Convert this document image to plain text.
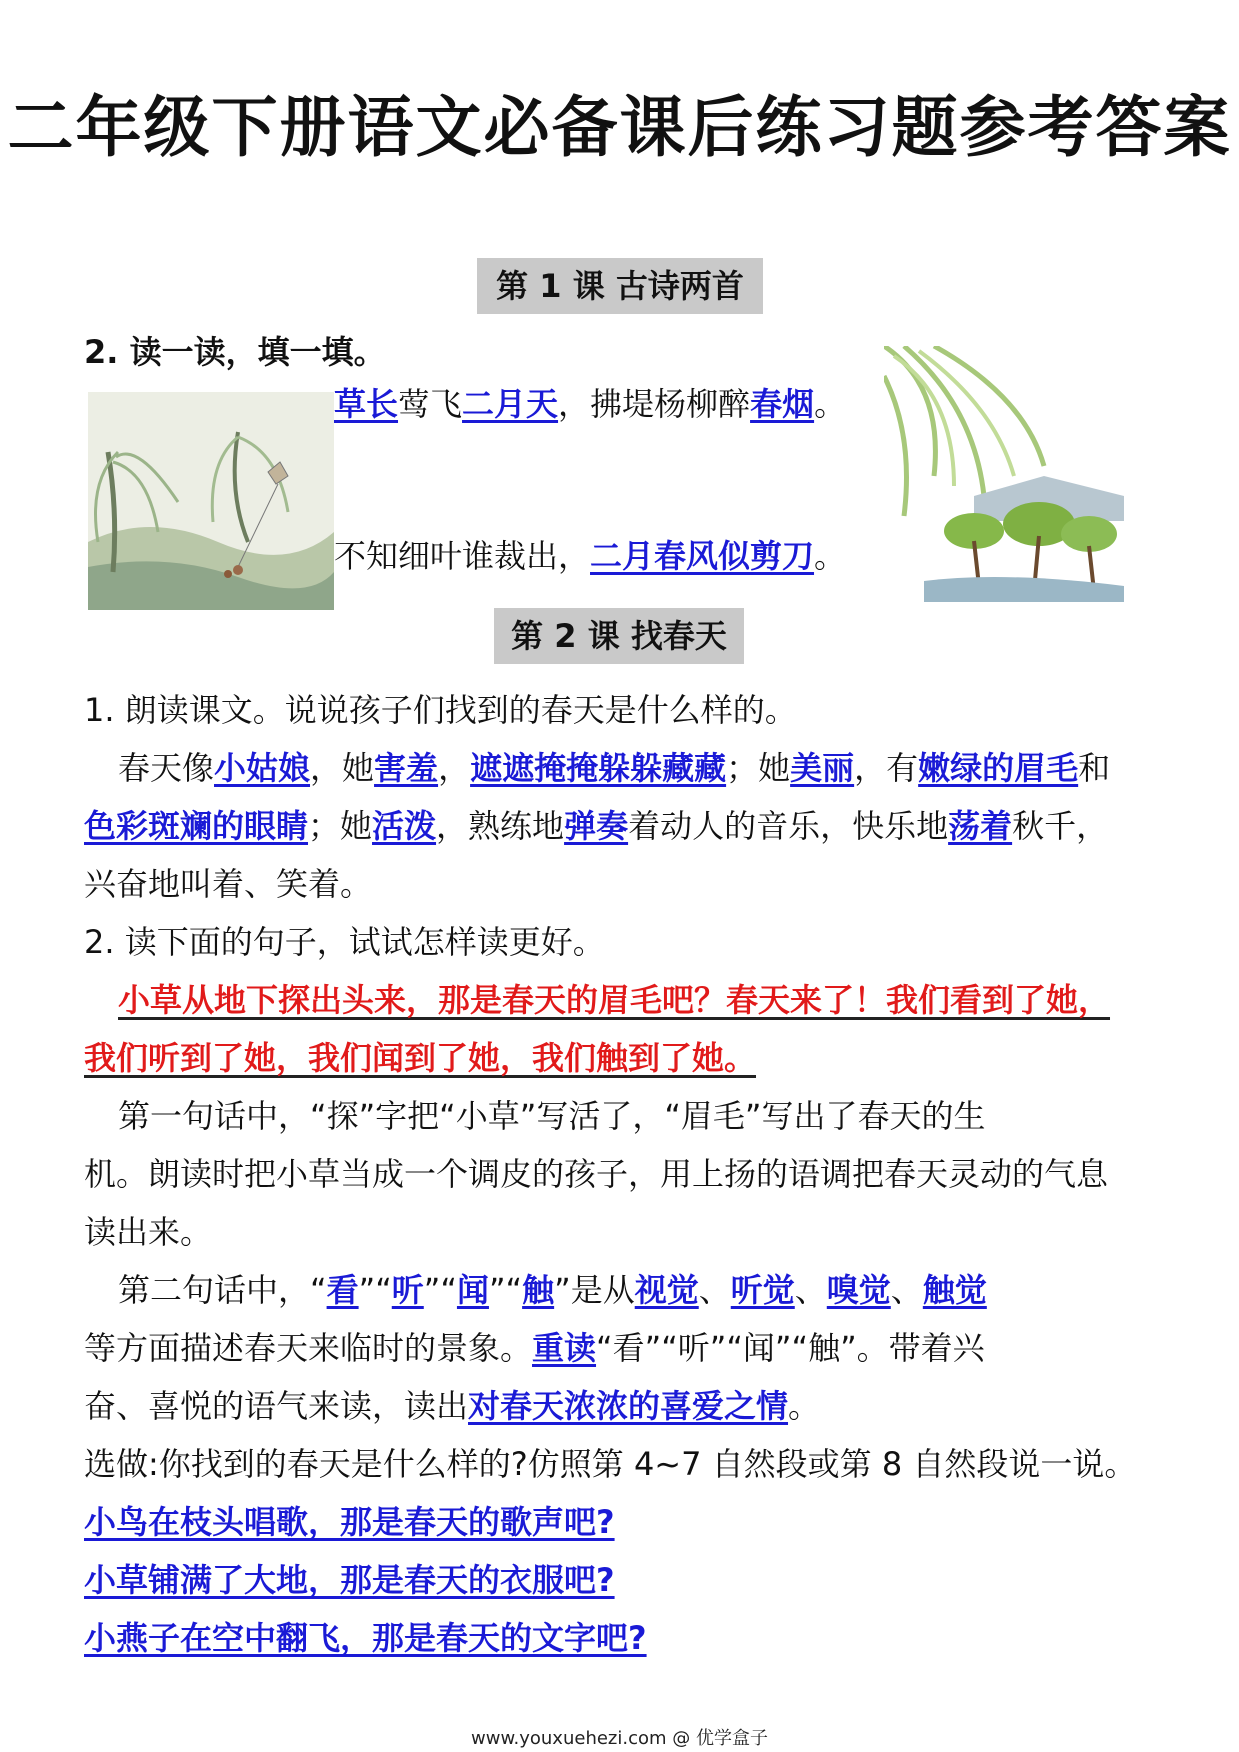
二年级下册语文必备课后练习题参考答案
第 1 课 古诗两首
2. 读一读，填一填。
草长莺飞二月天，拂堤杨柳醉春烟。
不知细叶谁裁出，二月春风似剪刀。
第 2 课 找春天
1. 朗读课文。说说孩子们找到的春天是什么样的。
春天像小姑娘，她害羞，遮遮掩掩躲躲藏藏；她美丽，有嫩绿的眉毛和
色彩斑斓的眼睛；她活泼，熟练地弹奏着动人的音乐，快乐地荡着秋千，
兴奋地叫着、笑着。
2. 读下面的句子，试试怎样读更好。
小草从地下探出头来，那是春天的眉毛吧？春天来了！我们看到了她，
我们听到了她，我们闻到了她，我们触到了她。
第一句话中，“探”字把“小草”写活了，“眉毛”写出了春天的生
机。朗读时把小草当成一个调皮的孩子，用上扬的语调把春天灵动的气息
读出来。
第二句话中，“看”“听”“闻”“触”是从视觉、听觉、嗅觉、触觉
等方面描述春天来临时的景象。重读“看”“听”“闻”“触”。带着兴
奋、喜悦的语气来读，读出对春天浓浓的喜爱之情。
选做:你找到的春天是什么样的?仿照第 4~7 自然段或第 8 自然段说一说。
小鸟在枝头唱歌，那是春天的歌声吧?
小草铺满了大地，那是春天的衣服吧?
小燕子在空中翻飞，那是春天的文字吧?
www.youxuehezi.com @ 优学盒子
